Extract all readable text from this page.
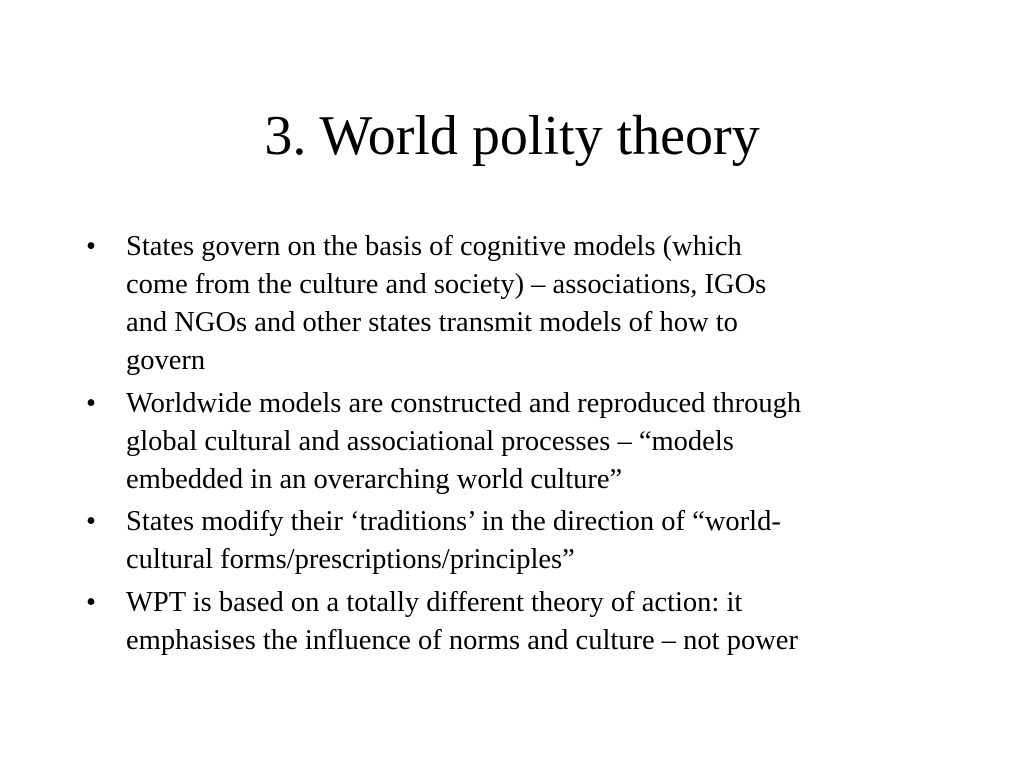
3. World polity theory
•	States govern on the basis of cognitive models (which
come from the culture and society) – associations, IGOs
and NGOs and other states transmit models of how to
govern
•	Worldwide models are constructed and reproduced through
global cultural and associational processes – “models
embedded in an overarching world culture”
•	States modify their ‘traditions’ in the direction of “world-
cultural forms/prescriptions/principles”
•	WPT is based on a totally different theory of action: it
emphasises the influence of norms and culture – not power
